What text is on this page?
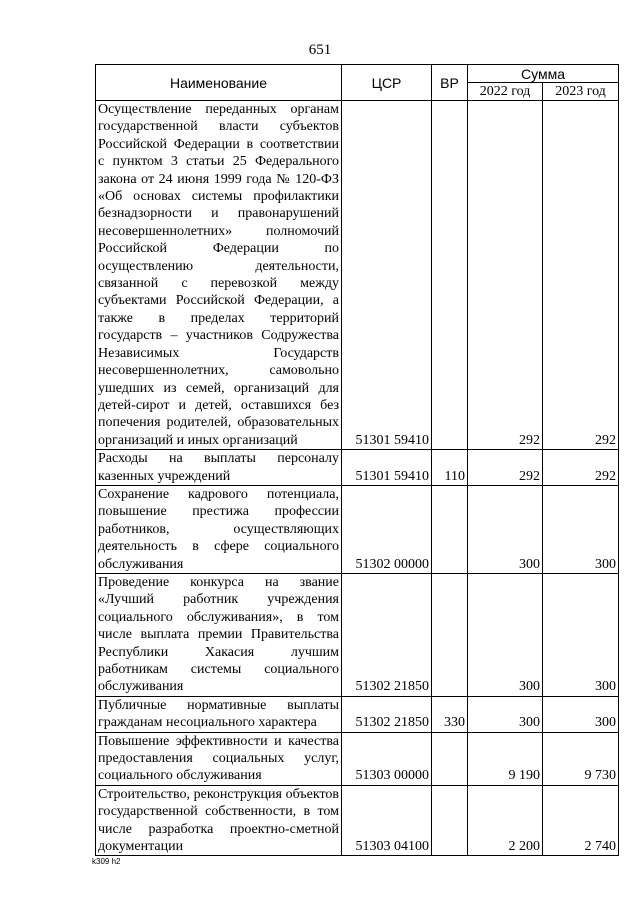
651
Наименование	ЦСР	ВР	Сумма	
			2022 год	2023 год
Осуществление переданных органам государственной власти субъектов Российской Федерации в соответствии с пунктом 3 статьи 25 Федерального закона от 24 июня 1999 года № 120-ФЗ «Об основах системы профилактики безнадзорности и правонарушений несовершеннолетних» полномочий Российской Федерации по осуществлению деятельности, связанной с перевозкой между субъектами Российской Федерации, а также в пределах территорий государств – участников Содружества Независимых Государств несовершеннолетних, самовольно ушедших из семей, организаций для детей-сирот и детей, оставшихся без попечения родителей, образовательных организаций и иных организаций	51301 59410		292	292
Расходы на выплаты персоналу казенных учреждений	51301 59410	110	292	292
Сохранение кадрового потенциала, повышение престижа профессии работников, осуществляющих деятельность в сфере социального обслуживания	51302 00000		300	300
Проведение конкурса на звание «Лучший работник учреждения социального обслуживания», в том числе выплата премии Правительства Республики Хакасия лучшим работникам системы социального обслуживания	51302 21850		300	300
Публичные нормативные выплаты гражданам несоциального характера	51302 21850	330	300	300
Повышение эффективности и качества предоставления социальных услуг, социального обслуживания	51303 00000		9 190	9 730
Строительство, реконструкция объектов государственной собственности, в том числе разработка проектно-сметной документации	51303 04100		2 200	2 740
k309 h2
